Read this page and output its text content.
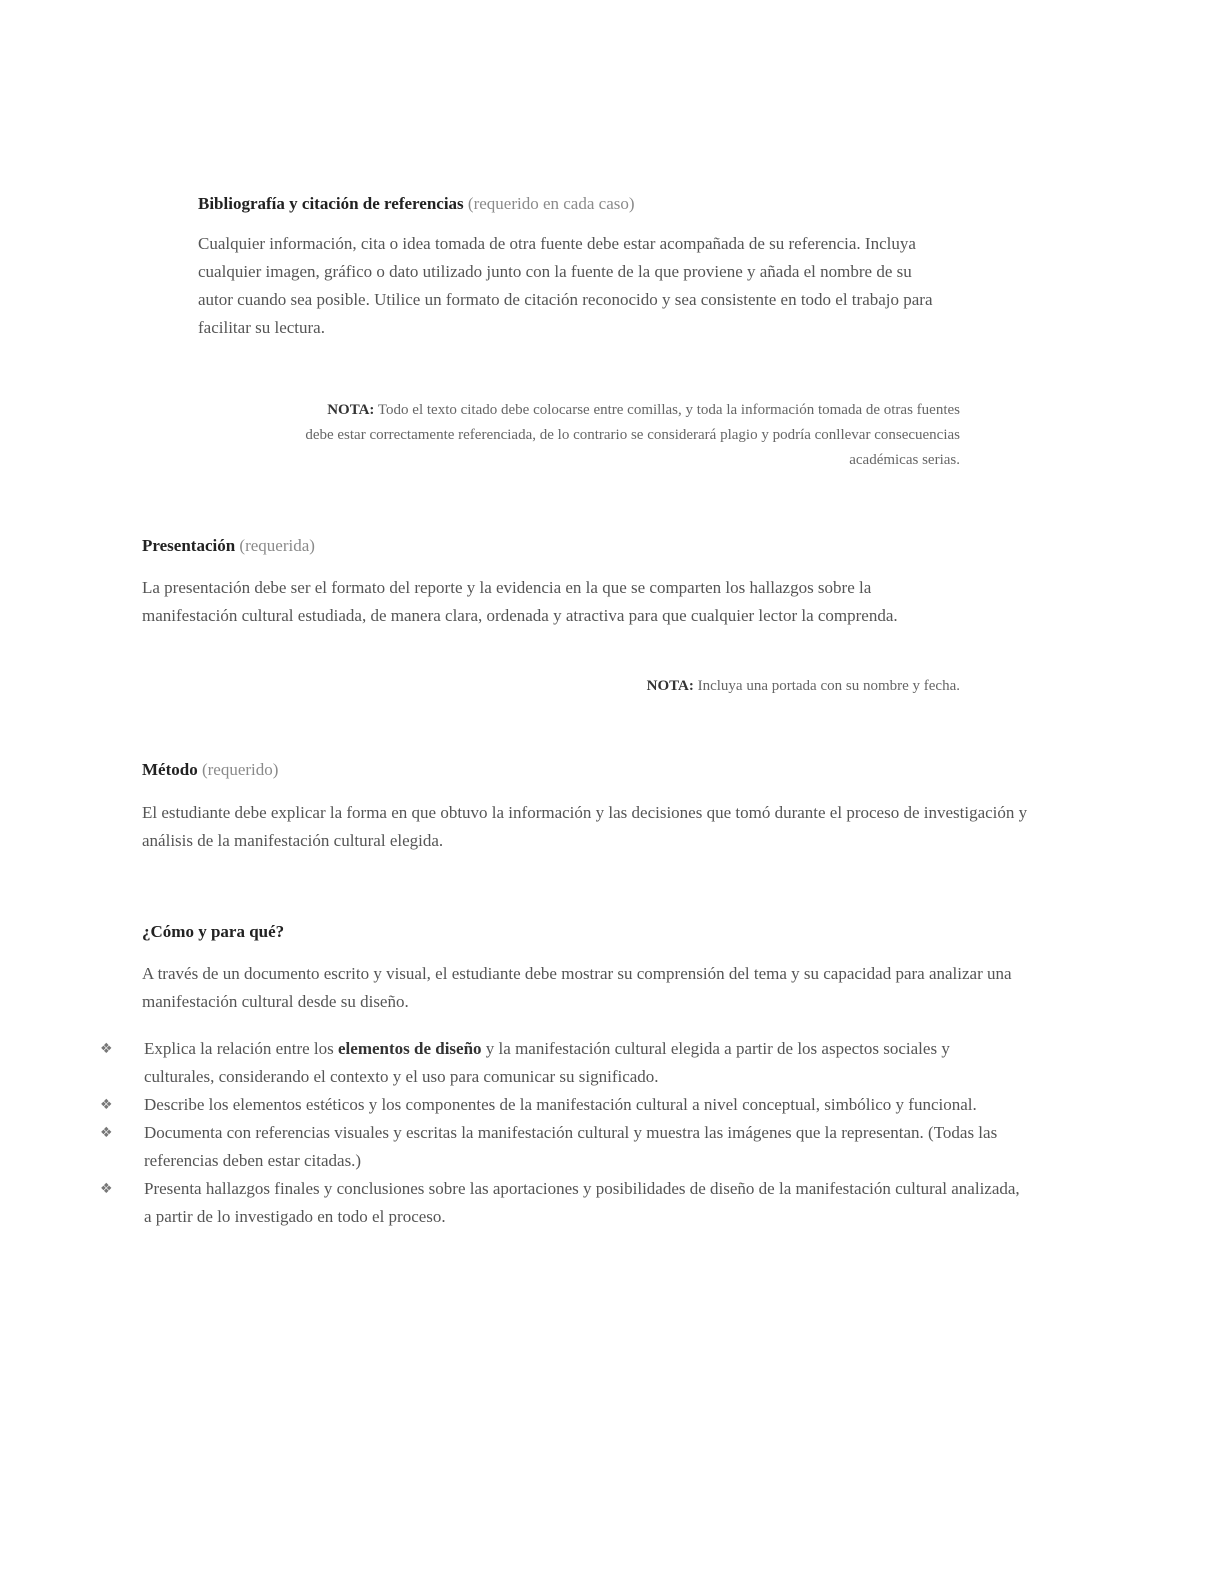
Bibliografía y citación de referencias (requerido en cada caso)
Cualquier información, cita o idea tomada de otra fuente debe estar acompañada de su referencia. Incluya cualquier imagen, gráfico o dato utilizado junto con la fuente de la que proviene y añada el nombre de su autor cuando sea posible. Utilice un formato de citación reconocido y sea consistente en todo el trabajo para facilitar su lectura.
NOTA: Todo el texto citado debe colocarse entre comillas, y toda la información tomada de otras fuentes debe estar correctamente referenciada, de lo contrario se considerará plagio y podría conllevar consecuencias académicas serias.
Presentación (requerida)
La presentación debe ser el formato del reporte y la evidencia en la que se comparten los hallazgos sobre la manifestación cultural estudiada, de manera clara, ordenada y atractiva para que cualquier lector la comprenda.
NOTA: Incluya una portada con su nombre y fecha.
Método (requerido)
El estudiante debe explicar la forma en que obtuvo la información y las decisiones que tomó durante el proceso de investigación y análisis de la manifestación cultural elegida.
¿Cómo y para qué?
A través de un documento escrito y visual, el estudiante debe mostrar su comprensión del tema y su capacidad para analizar una manifestación cultural desde su diseño.
❖	Explica la relación entre los elementos de diseño y la manifestación cultural elegida a partir de los aspectos sociales y culturales, considerando el contexto y el uso para comunicar su significado.
❖	Describe los elementos estéticos y los componentes de la manifestación cultural a nivel conceptual, simbólico y funcional.
❖	Documenta con referencias visuales y escritas la manifestación cultural y muestra las imágenes que la representan. (Todas las referencias deben estar citadas.)
❖	Presenta hallazgos finales y conclusiones sobre las aportaciones y posibilidades de diseño de la manifestación cultural analizada, a partir de lo investigado en todo el proceso.
